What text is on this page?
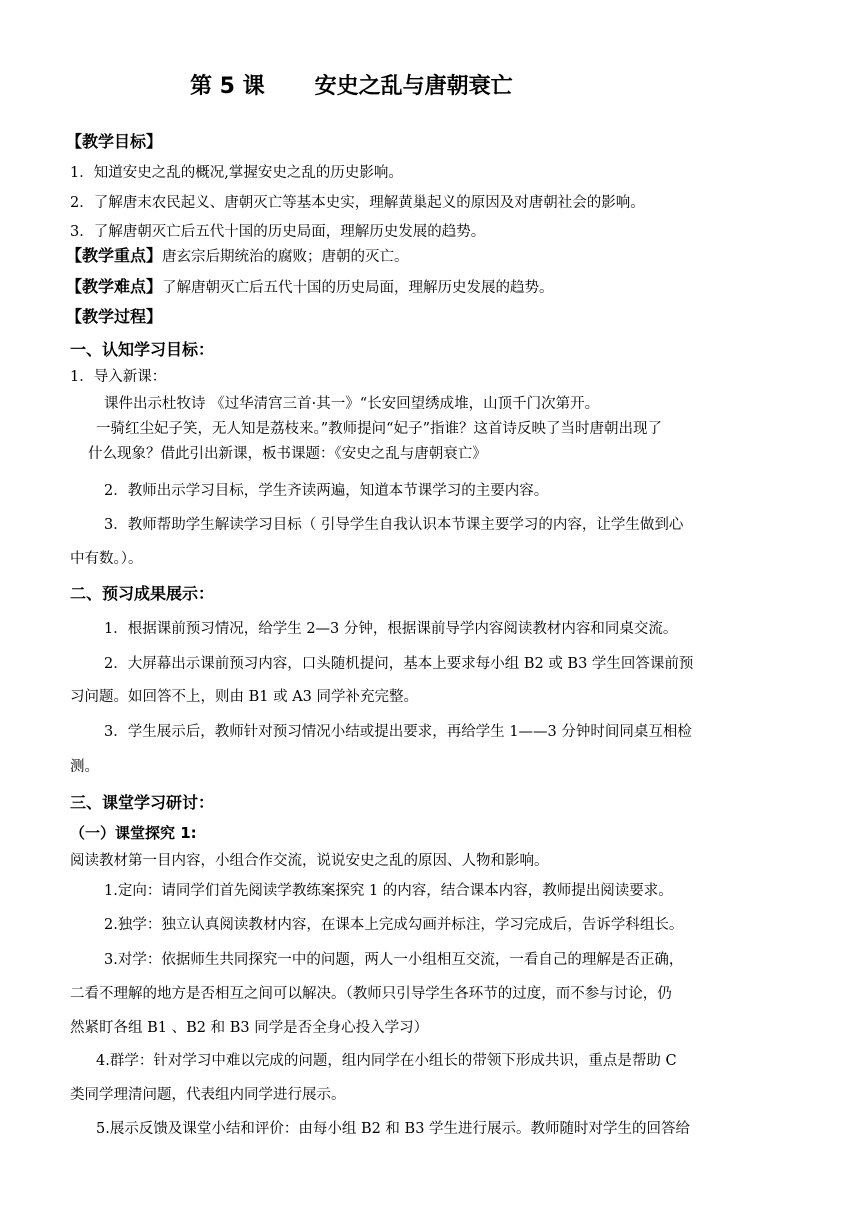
第 5 课 安史之乱与唐朝衰亡
【教学目标】
1．知道安史之乱的概况,掌握安史之乱的历史影响。
2．了解唐末农民起义、唐朝灭亡等基本史实，理解黄巢起义的原因及对唐朝社会的影响。
3．了解唐朝灭亡后五代十国的历史局面，理解历史发展的趋势。
【教学重点】唐玄宗后期统治的腐败；唐朝的灭亡。
【教学难点】了解唐朝灭亡后五代十国的历史局面，理解历史发展的趋势。
【教学过程】
一、认知学习目标：
1．导入新课：
课件出示杜牧诗 《过华清宫三首·其一》“长安回望绣成堆，山顶千门次第开。
一骑红尘妃子笑，无人知是荔枝来。”教师提问“妃子”指谁？这首诗反映了当时唐朝出现了
什么现象？借此引出新课，板书课题：《安史之乱与唐朝衰亡》
2．教师出示学习目标，学生齐读两遍，知道本节课学习的主要内容。
3．教师帮助学生解读学习目标（ 引导学生自我认识本节课主要学习的内容，让学生做到心
中有数。）。
二、预习成果展示：
1．根据课前预习情况，给学生 2—3 分钟，根据课前导学内容阅读教材内容和同桌交流。
2．大屏幕出示课前预习内容，口头随机提问，基本上要求每小组 B2 或 B3 学生回答课前预
习问题。如回答不上，则由 B1 或 A3 同学补充完整。
3．学生展示后，教师针对预习情况小结或提出要求，再给学生 1——3 分钟时间同桌互相检
测。
三、课堂学习研讨：
（一）课堂探究 1:
阅读教材第一目内容，小组合作交流，说说安史之乱的原因、人物和影响。
1.定向：请同学们首先阅读学教练案探究 1 的内容，结合课本内容，教师提出阅读要求。
2.独学：独立认真阅读教材内容，在课本上完成勾画并标注，学习完成后，告诉学科组长。
3.对学：依据师生共同探究一中的问题，两人一小组相互交流，一看自己的理解是否正确，
二看不理解的地方是否相互之间可以解决。（教师只引导学生各环节的过度，而不参与讨论，仍
然紧盯各组 B1 、B2 和 B3 同学是否全身心投入学习）
4.群学：针对学习中难以完成的问题，组内同学在小组长的带领下形成共识，重点是帮助 C
类同学理清问题，代表组内同学进行展示。
5.展示反馈及课堂小结和评价：由每小组 B2 和 B3 学生进行展示。教师随时对学生的回答给
